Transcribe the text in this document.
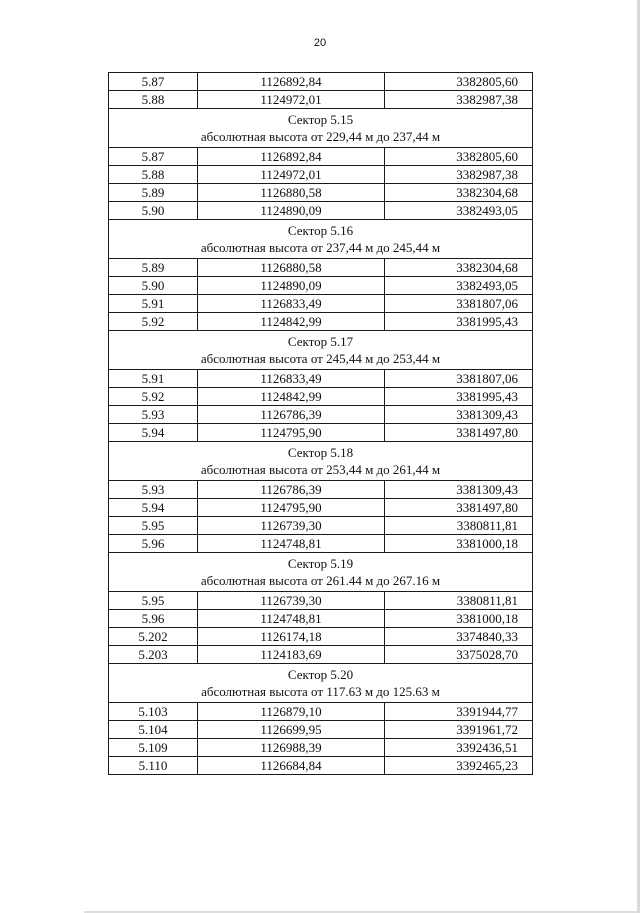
20
5.87	1126892,84	3382805,60
5.88	1124972,01	3382987,38

Сектор 5.15
абсолютная высота от 229,44 м до 237,44 м		

5.87	1126892,84	3382805,60
5.88	1124972,01	3382987,38
5.89	1126880,58	3382304,68
5.90	1124890,09	3382493,05

Сектор 5.16
абсолютная высота от 237,44 м до 245,44 м		

5.89	1126880,58	3382304,68
5.90	1124890,09	3382493,05
5.91	1126833,49	3381807,06
5.92	1124842,99	3381995,43

Сектор 5.17
абсолютная высота от 245,44 м до 253,44 м		

5.91	1126833,49	3381807,06
5.92	1124842,99	3381995,43
5.93	1126786,39	3381309,43
5.94	1124795,90	3381497,80

Сектор 5.18
абсолютная высота от 253,44 м до 261,44 м		

5.93	1126786,39	3381309,43
5.94	1124795,90	3381497,80
5.95	1126739,30	3380811,81
5.96	1124748,81	3381000,18

Сектор 5.19
абсолютная высота от 261.44 м до 267.16 м		

5.95	1126739,30	3380811,81
5.96	1124748,81	3381000,18
5.202	1126174,18	3374840,33
5.203	1124183,69	3375028,70

Сектор 5.20
абсолютная высота от 117.63 м до 125.63 м		

5.103	1126879,10	3391944,77
5.104	1126699,95	3391961,72
5.109	1126988,39	3392436,51
5.110	1126684,84	3392465,23
